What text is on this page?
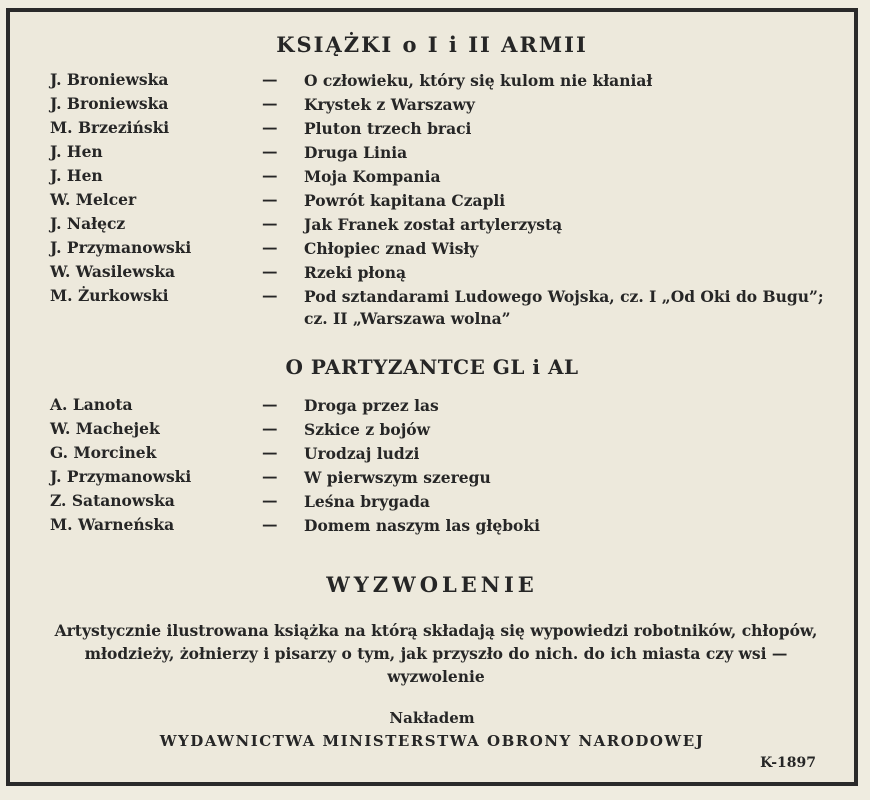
KSIĄŻKI o I i II ARMII
J. Broniewska	— O człowieku, który się kulom nie kłaniał
J. Broniewska	— Krystek z Warszawy
M. Brzeziński	— Pluton trzech braci
J. Hen	— Druga Linia
J. Hen	— Moja Kompania
W. Melcer	— Powrót kapitana Czapli
J. Nałęcz	— Jak Franek został artylerzystą
J. Przymanowski	— Chłopiec znad Wisły
W. Wasilewska	— Rzeki płoną
M. Żurkowski	— Pod sztandarami Ludowego Wojska, cz. I „Od Oki do Bugu”; cz. II „Warszawa wolna”
O PARTYZANTCE GL i AL
A. Lanota	— Droga przez las
W. Machejek	— Szkice z bojów
G. Morcinek	— Urodzaj ludzi
J. Przymanowski	— W pierwszym szeregu
Z. Satanowska	— Leśna brygada
M. Warneńska	— Domem naszym las głęboki
WYZWOLENIE
Artystycznie ilustrowana książka na którą składają się wypowiedzi robotników, chłopów, młodzieży, żołnierzy i pisarzy o tym, jak przyszło do nich. do ich miasta czy wsi — wyzwolenie
Nakładem
WYDAWNICTWA MINISTERSTWA OBRONY NARODOWEJ
K-1897
